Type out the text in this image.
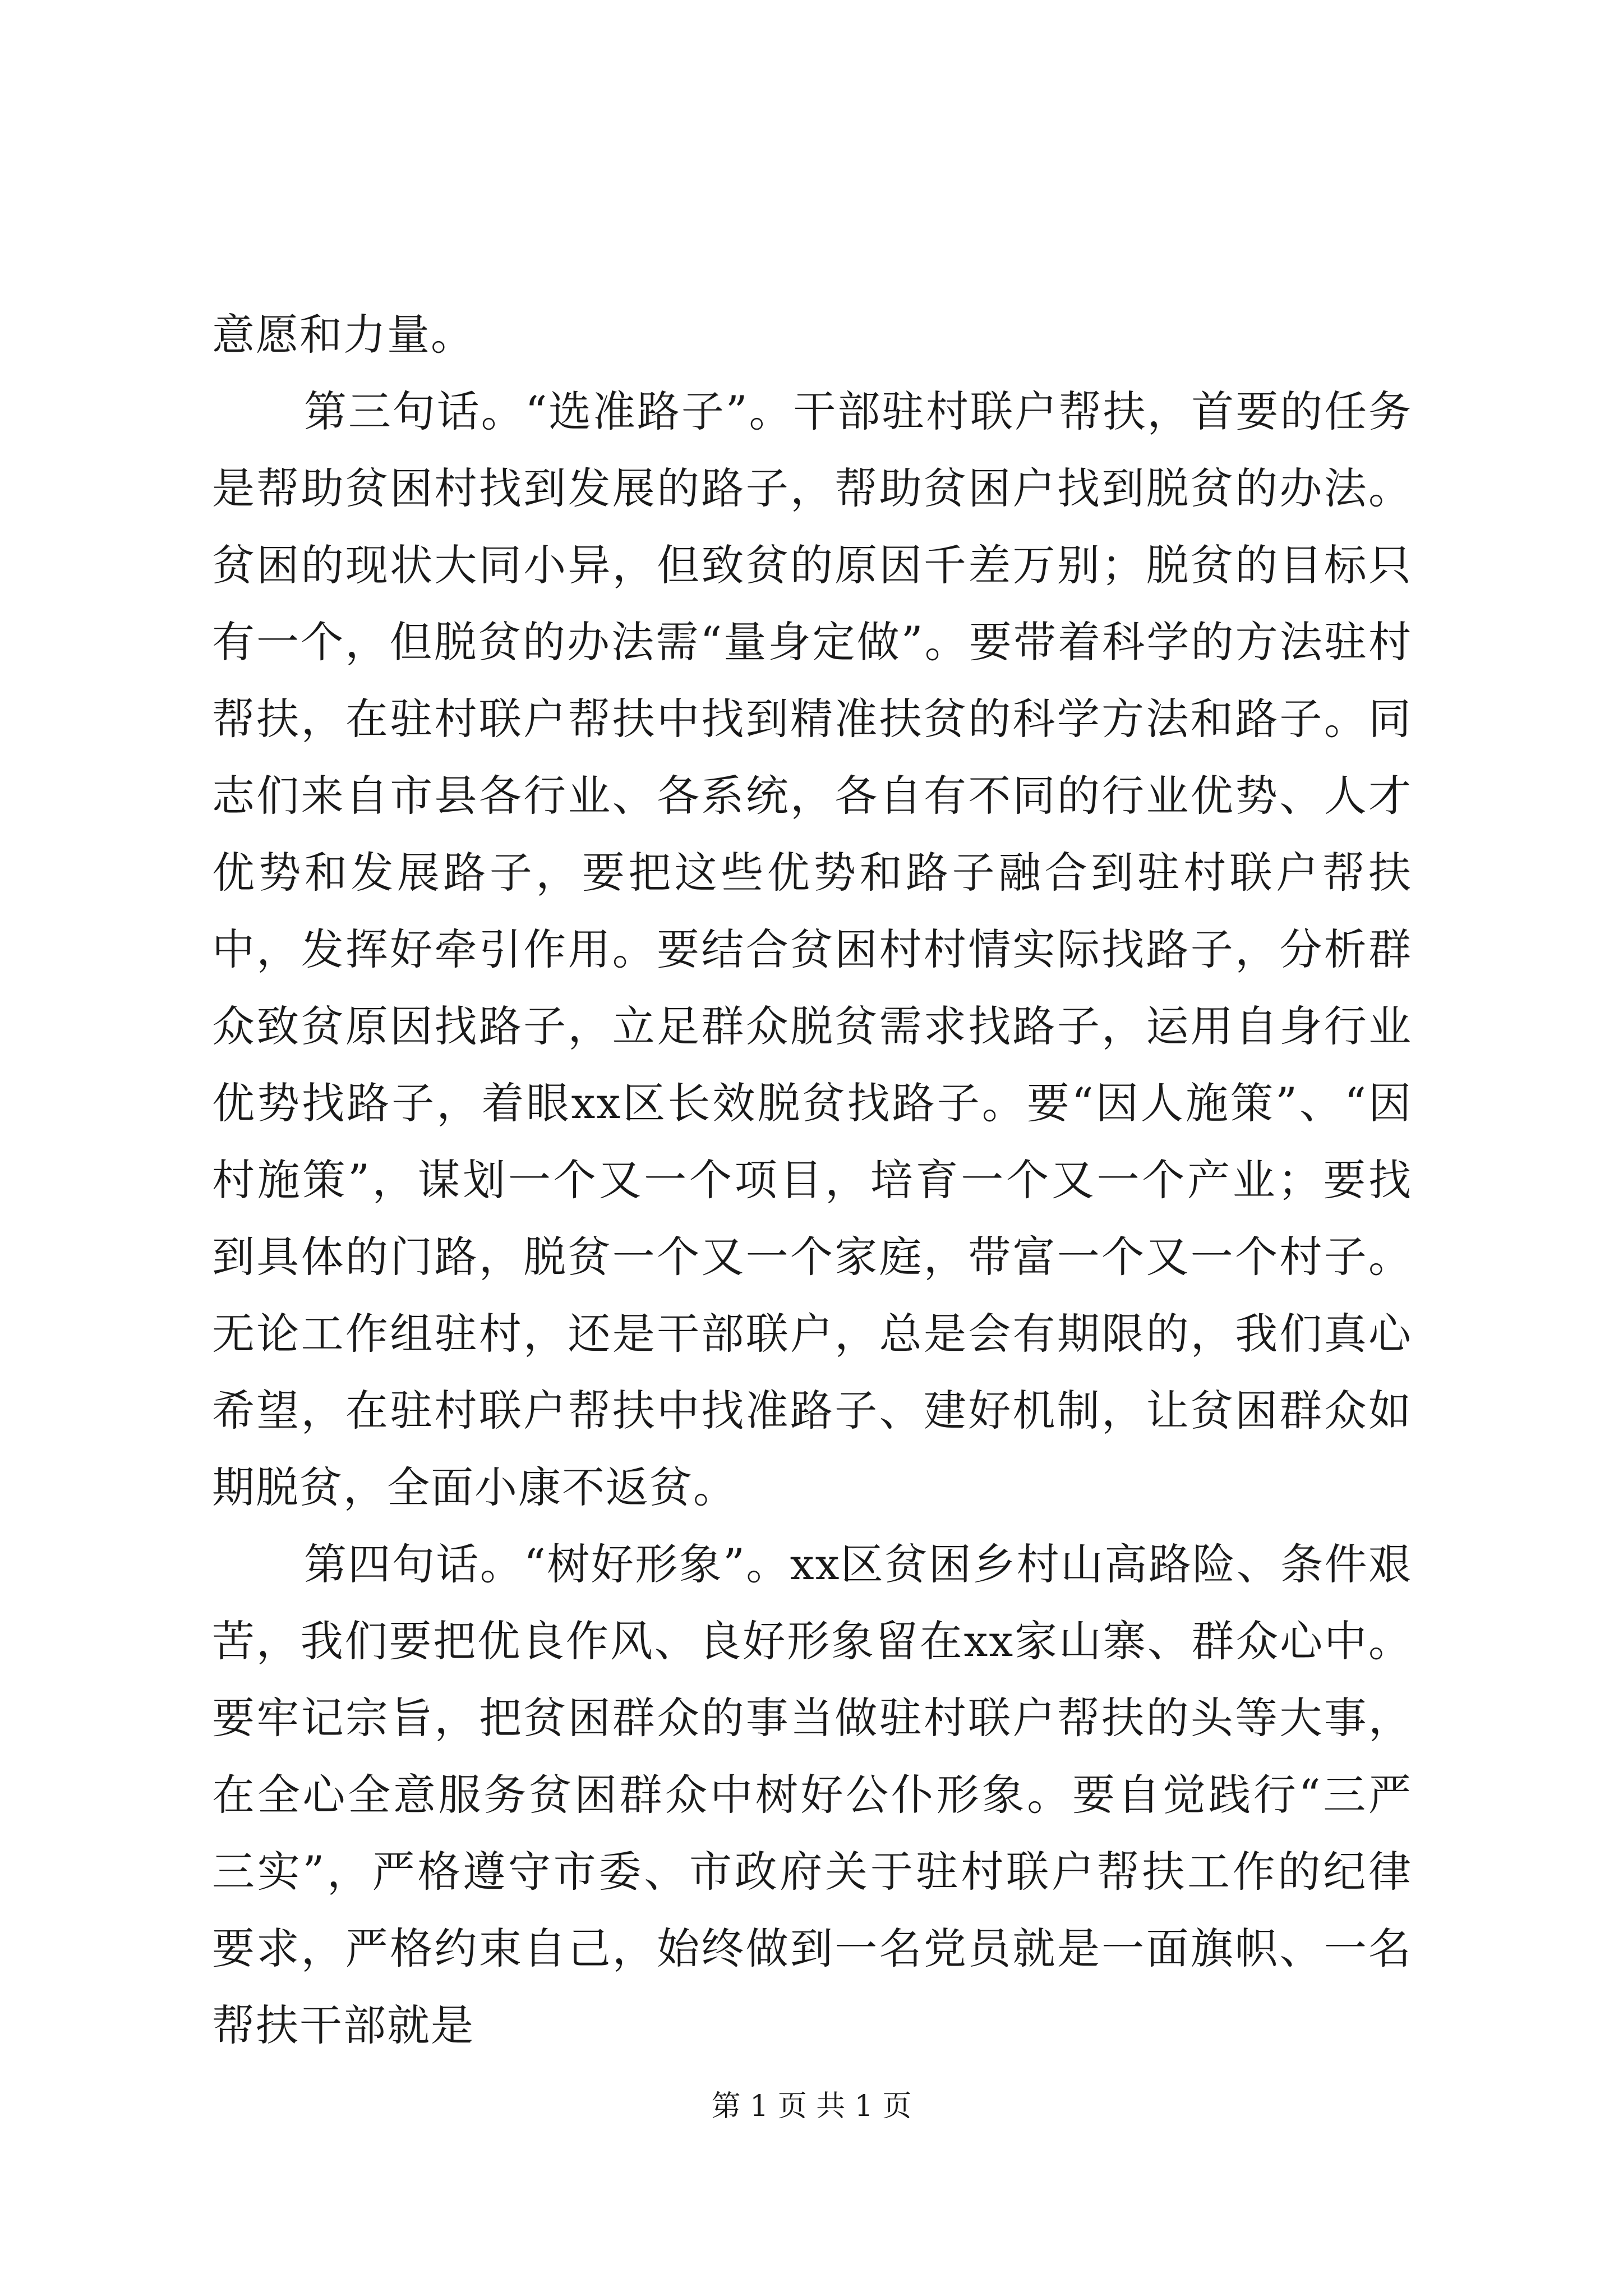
意愿和力量。

第三句话。“选准路子”。干部驻村联户帮扶，首要的任务是帮助贫困村找到发展的路子，帮助贫困户找到脱贫的办法。贫困的现状大同小异，但致贫的原因千差万别；脱贫的目标只有一个，但脱贫的办法需“量身定做”。要带着科学的方法驻村帮扶，在驻村联户帮扶中找到精准扶贫的科学方法和路子。同志们来自市县各行业、各系统，各自有不同的行业优势、人才优势和发展路子，要把这些优势和路子融合到驻村联户帮扶中，发挥好牵引作用。要结合贫困村村情实际找路子，分析群众致贫原因找路子，立足群众脱贫需求找路子，运用自身行业优势找路子，着眼xx区长效脱贫找路子。要“因人施策”、“因村施策”，谋划一个又一个项目，培育一个又一个产业；要找到具体的门路，脱贫一个又一个家庭，带富一个又一个村子。无论工作组驻村，还是干部联户，总是会有期限的，我们真心希望，在驻村联户帮扶中找准路子、建好机制，让贫困群众如期脱贫，全面小康不返贫。

第四句话。“树好形象”。xx区贫困乡村山高路险、条件艰苦，我们要把优良作风、良好形象留在xx家山寨、群众心中。要牢记宗旨，把贫困群众的事当做驻村联户帮扶的头等大事，在全心全意服务贫困群众中树好公仆形象。要自觉践行“三严三实”，严格遵守市委、市政府关于驻村联户帮扶工作的纪律要求，严格约束自己，始终做到一名党员就是一面旗帜、一名帮扶干部就是

第 1 页 共 1 页
